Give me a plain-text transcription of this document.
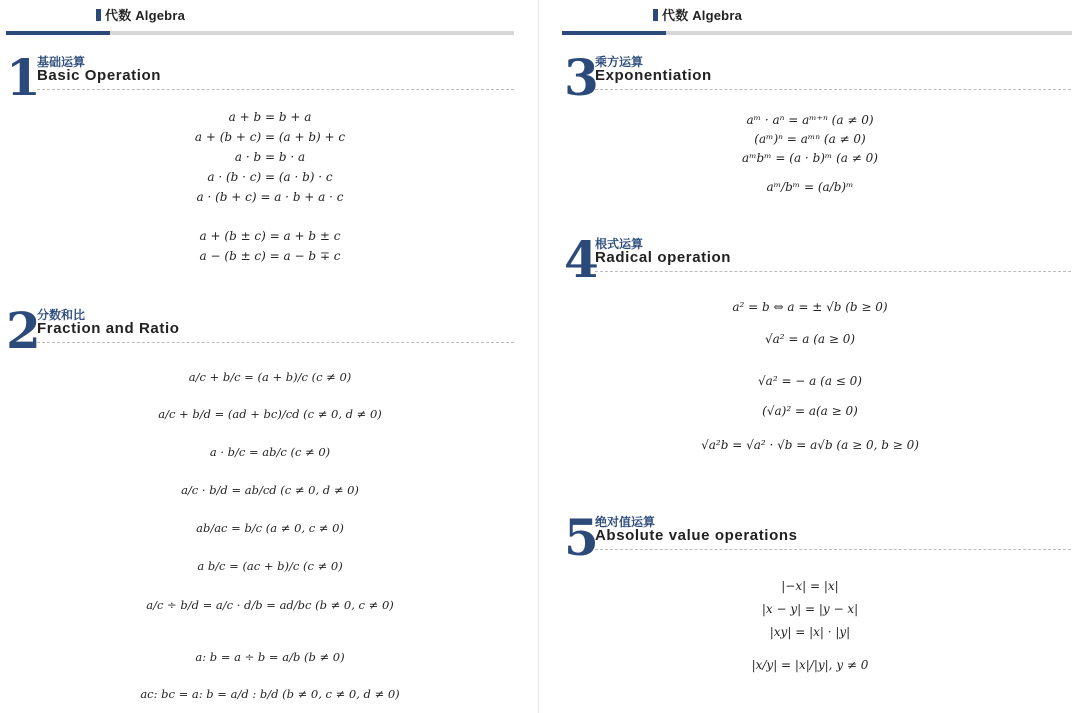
代数 Algebra
1
基础运算
Basic Operation
a + b = b + a
a + (b + c) = (a + b) + c
a · b = b · a
a · (b · c) = (a · b) · c
a · (b + c) = a · b + a · c
a + (b ± c) = a + b ± c
a − (b ± c) = a − b ∓ c
2
分数和比
Fraction and Ratio
a/c + b/c = (a + b)/c (c ≠ 0)
a/c + b/d = (ad + bc)/cd (c ≠ 0, d ≠ 0)
a · b/c = ab/c (c ≠ 0)
a/c · b/d = ab/cd (c ≠ 0, d ≠ 0)
ab/ac = b/c (a ≠ 0, c ≠ 0)
a b/c = (ac + b)/c (c ≠ 0)
a/c ÷ b/d = a/c · d/b = ad/bc (b ≠ 0, c ≠ 0)
a: b = a ÷ b = a/b (b ≠ 0)
ac: bc = a: b = a/d : b/d (b ≠ 0, c ≠ 0, d ≠ 0)
代数 Algebra
3
乘方运算
Exponentiation
aᵐ · aⁿ = aᵐ⁺ⁿ (a ≠ 0)
(aᵐ)ⁿ = aᵐⁿ (a ≠ 0)
aᵐbᵐ = (a · b)ᵐ (a ≠ 0)
aᵐ/bᵐ = (a/b)ᵐ
4
根式运算
Radical operation
a² = b ⇔ a = ± √b (b ≥ 0)
√a² = a (a ≥ 0)
√a² = − a (a ≤ 0)
(√a)² = a(a ≥ 0)
√a²b = √a² · √b = a√b (a ≥ 0, b ≥ 0)
5
绝对值运算
Absolute value operations
|−x| = |x|
|x − y| = |y − x|
|xy| = |x| · |y|
|x/y| = |x|/|y|, y ≠ 0
